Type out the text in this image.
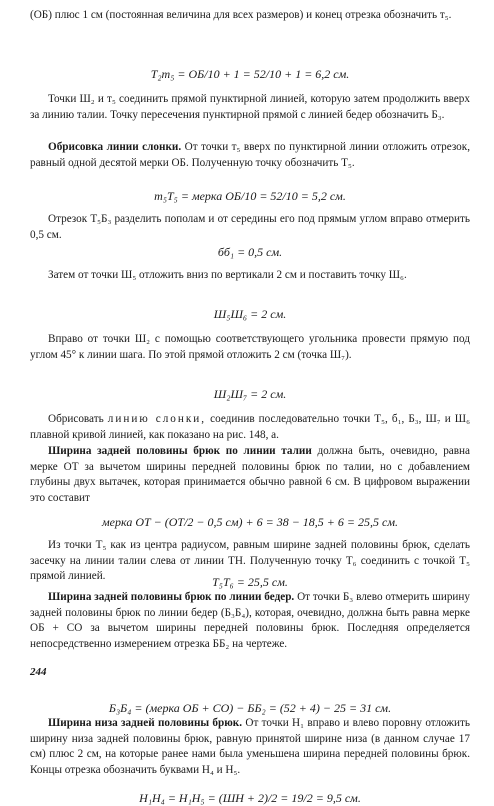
(ОБ) плюс 1 см (постоянная величина для всех размеров) и конец отрезка обозначить т₅.

T₂т₅ = ОБ/10 + 1 = 52/10 + 1 = 6,2 см.

Точки Ш₂ и т₅ соединить прямой пунктирной линией, которую затем продолжить вверх за линию талии. Точку пересечения пунктирной прямой с линией бедер обозначить Б₃.

Обрисовка линии слонки. От точки т₅ вверх по пунктирной линии отложить отрезок, равный одной десятой мерки ОБ. Полученную точку обозначить T₅.

т₅T₅ = мерка ОБ/10 = 52/10 = 5,2 см.

Отрезок T₅Б₃ разделить пополам и от середины его под прямым углом вправо отмерить 0,5 см.

бб₁ = 0,5 см.

Затем от точки Ш₅ отложить вниз по вертикали 2 см и поставить точку Ш₆.

Ш₅Ш₆ = 2 см.

Вправо от точки Ш₂ с помощью соответствующего угольника провести прямую под углом 45° к линии шага. По этой прямой отложить 2 см (точка Ш₇).

Ш₂Ш₇ = 2 см.

Обрисовать линию слонки, соединив последовательно точки T₅, б₁, Б₃, Ш₇ и Ш₆ плавной кривой линией, как показано на рис. 148, а.

Ширина задней половины брюк по линии талии должна быть, очевидно, равна мерке ОТ за вычетом ширины передней половины брюк по талии, но с добавлением глубины двух вытачек, которая принимается обычно равной 6 см. В цифровом выражении это составит

мерка ОТ − (ОТ/2 − 0,5 см) + 6 = 38 − 18,5 + 6 = 25,5 см.

Из точки T₅ как из центра радиусом, равным ширине задней половины брюк, сделать засечку на линии талии слева от линии TH. Полученную точку T₆ соединить с точкой T₅ прямой линией.	T₅T₆ = 25,5 см.

Ширина задней половины брюк по линии бедер. От точки Б₃ влево отмерить ширину задней половины брюк по линии бедер (Б₃Б₄), которая, очевидно, должна быть равна мерке ОБ + СО за вычетом ширины передней половины брюк. Последняя определяется непосредственно измерением отрезка ББ₂ на чертеже.

Б₃Б₄ = (мерка ОБ + СО) − ББ₂ = (52 + 4) − 25 = 31 см.

Ширина низа задней половины брюк. От точки H₁ вправо и влево поровну отложить ширину низа задней половины брюк, равную принятой ширине низа (в данном случае 17 см) плюс 2 см, на которые ранее нами была уменьшена ширина передней половины брюк. Концы отрезка обозначить буквами H₄ и H₅.

H₁H₄ = H₁H₅ = (ШН + 2)/2 = 19/2 = 9,5 см.
244
